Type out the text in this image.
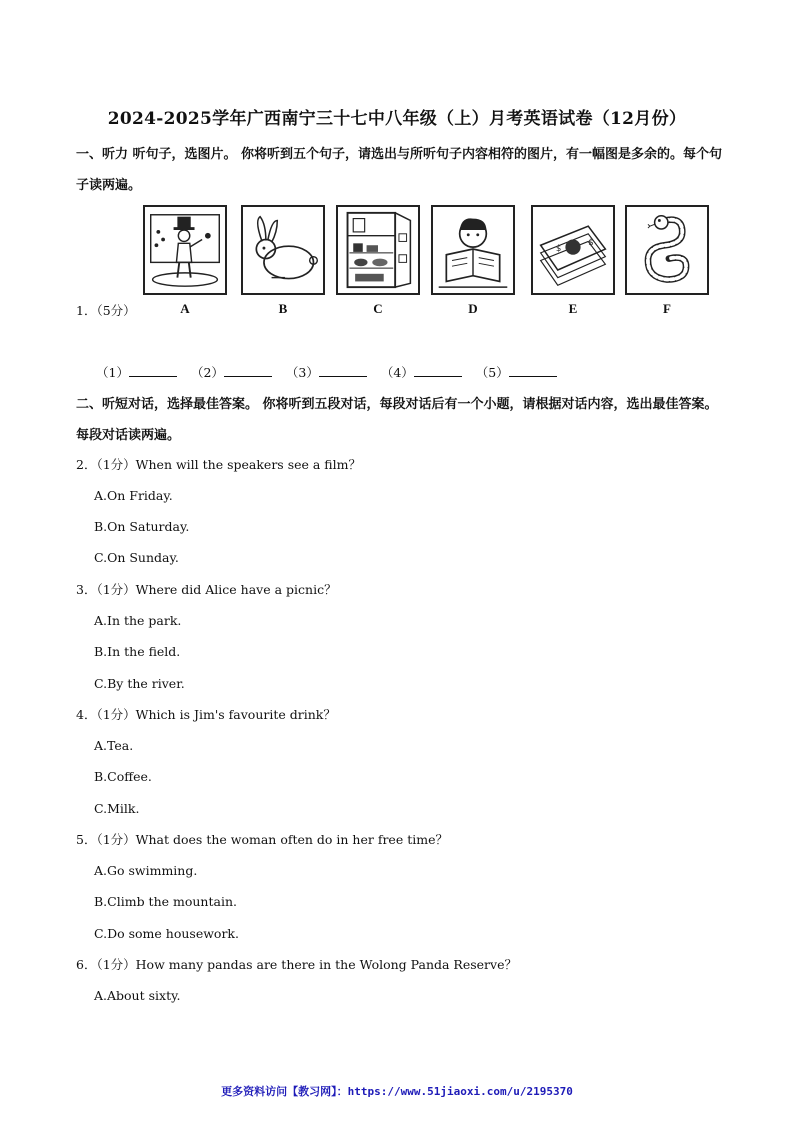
2024-2025学年广西南宁三十七中八年级（上）月考英语试卷（12月份）
一、听力 听句子，选图片。 你将听到五个句子，请选出与所听句子内容相符的图片，有一幅图是多余的。每个句子读两遍。
A	B	C	D
$
$
E	F
1．（5分）
（1）	（2）	（3）	（4）	（5）
二、听短对话，选择最佳答案。 你将听到五段对话，每段对话后有一个小题，请根据对话内容，选出最佳答案。每段对话读两遍。
2．（1分）When will the speakers see a film？
A.On Friday.
B.On Saturday.
C.On Sunday.
3．（1分）Where did Alice have a picnic？
A.In the park.
B.In the field.
C.By the river.
4．（1分）Which is Jim's favourite drink？
A.Tea.
B.Coffee.
C.Milk.
5．（1分）What does the woman often do in her free time？
A.Go swimming.
B.Climb the mountain.
C.Do some housework.
6．（1分）How many pandas are there in the Wolong Panda Reserve？
A.About sixty.
更多资料访问【教习网】：https://www.51jiaoxi.com/u/2195370
